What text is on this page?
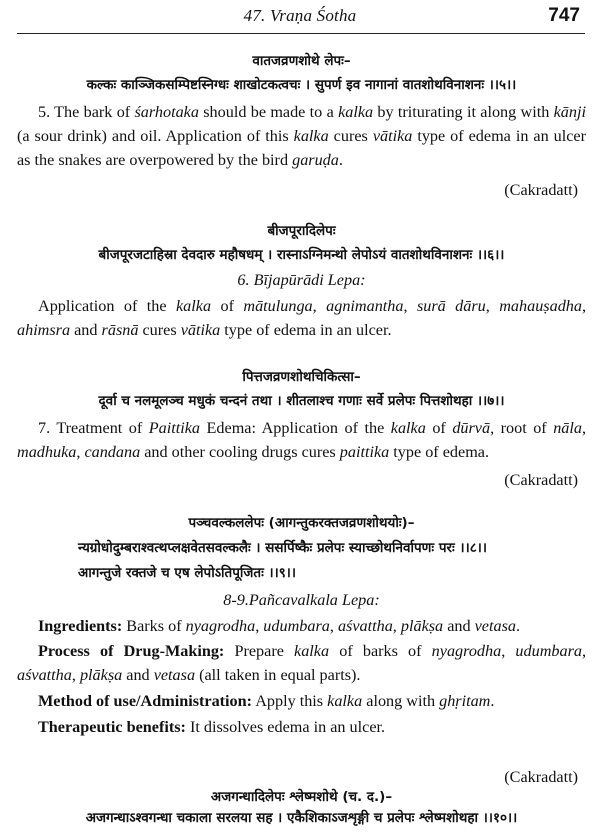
47. Vraṇa Śotha	747
वातजव्रणशोथे लेपः–
कल्कः काञ्जिकसम्पिष्टस्निग्धः शाखोटकत्वचः । सुपर्ण इव नागानां वातशोथविनाशनः ।।५।।

5. The bark of śarhotaka should be made to a kalka by triturating it along with kānji (a sour drink) and oil. Application of this kalka cures vātika type of edema in an ulcer as the snakes are overpowered by the bird garuḍa.

(Cakradatt)
बीजपूरादिलेपः
बीजपूरजटाहिस्रा देवदारु महौषधम् । रास्नाऽग्निमन्थो लेपोऽयं वातशोथविनाशनः ।।६।।
6. Bījapūrādi Lepa:

Application of the kalka of mātulunga, agnimantha, surā dāru, mahauṣadha, ahimsra and rāsnā cures vātika type of edema in an ulcer.

पित्तजव्रणशोथचिकित्सा–
दूर्वा च नलमूलञ्च मधुकं चन्दनं तथा । शीतलाश्च गणाः सर्वे प्रलेपः पित्तशोथहा ।।७।।

7. Treatment of Paittika Edema: Application of the kalka of dūrvā, root of nāla, madhuka, candana and other cooling drugs cures paittika type of edema.

(Cakradatt)
पञ्चवल्कललेपः (आगन्तुकरक्तजव्रणशोथयोः)–
न्यग्रोधोदुम्बराश्वत्थप्लक्षवेतसवल्कलैः । ससर्पिष्कैः प्रलेपः स्याच्छोथनिर्वापणः परः ।।८।।
आगन्तुजे रक्तजे च एष लेपोऽतिपूजितः ।।९।।
8-9.Pañcavalkala Lepa:

Ingredients: Barks of nyagrodha, udumbara, aśvattha, plākṣa and vetasa.

Process of Drug-Making: Prepare kalka of barks of nyagrodha, udumbara, aśvattha, plākṣa and vetasa (all taken in equal parts).

Method of use/Administration: Apply this kalka along with ghṛitam.

Therapeutic benefits: It dissolves edema in an ulcer.

(Cakradatt)
अजगन्धादिलेपः श्लेष्मशोथे (च. द.)–
अजगन्धाऽश्वगन्धा चकाला सरलया सह । एकैशिकाऽजशृङ्गी च प्रलेपः श्लेष्मशोथहा ।।१०।।
